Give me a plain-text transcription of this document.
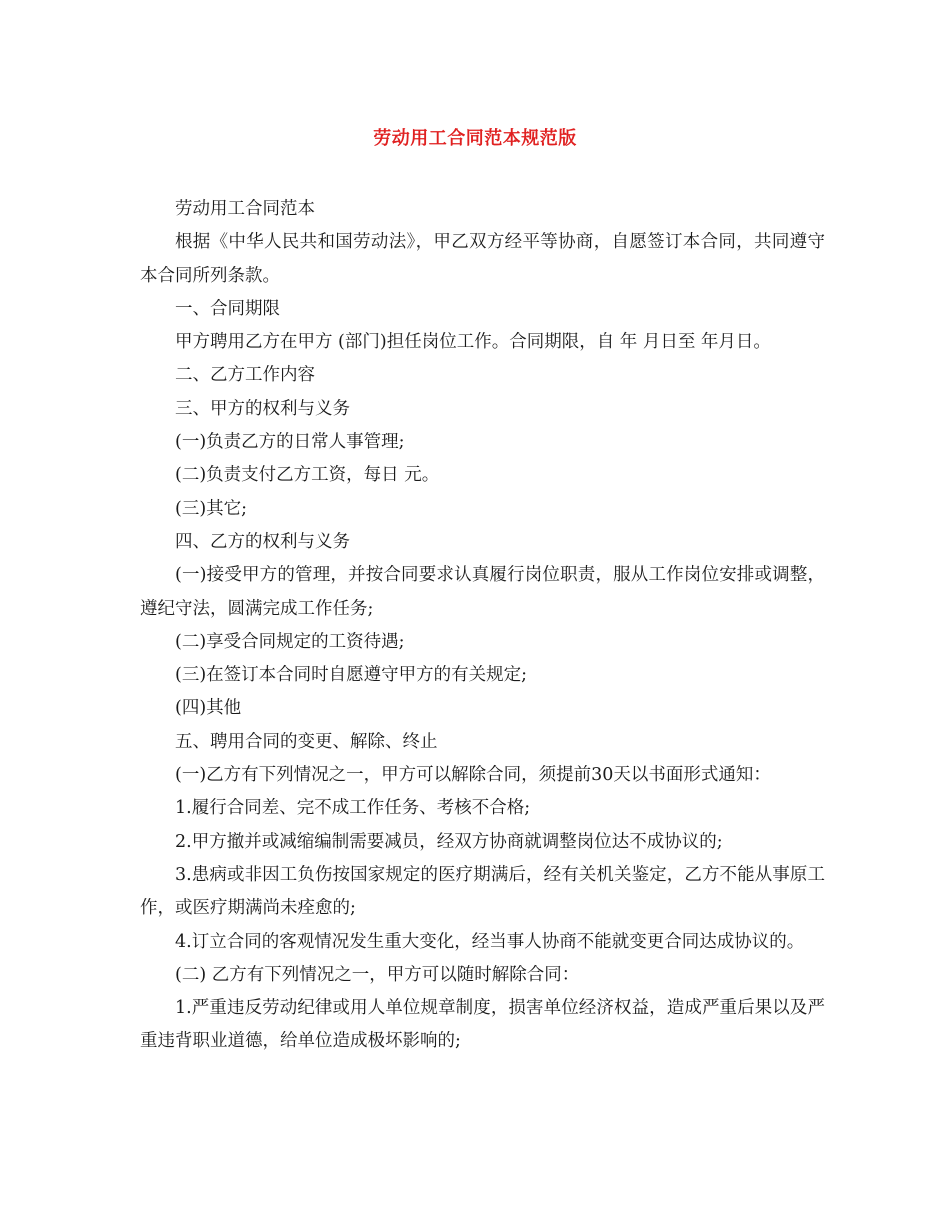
劳动用工合同范本规范版

劳动用工合同范本

根据《中华人民共和国劳动法》，甲乙双方经平等协商，自愿签订本合同，共同遵守本合同所列条款。

一、合同期限

甲方聘用乙方在甲方 (部门)担任岗位工作。合同期限，自 年 月日至 年月日。

二、乙方工作内容

三、甲方的权利与义务

(一)负责乙方的日常人事管理;

(二)负责支付乙方工资，每日 元。

(三)其它;

四、乙方的权利与义务

(一)接受甲方的管理，并按合同要求认真履行岗位职责，服从工作岗位安排或调整，遵纪守法，圆满完成工作任务;

(二)享受合同规定的工资待遇;

(三)在签订本合同时自愿遵守甲方的有关规定;

(四)其他

五、聘用合同的变更、解除、终止

(一)乙方有下列情况之一，甲方可以解除合同，须提前30天以书面形式通知：

1.履行合同差、完不成工作任务、考核不合格;

2.甲方撤并或减缩编制需要减员，经双方协商就调整岗位达不成协议的;

3.患病或非因工负伤按国家规定的医疗期满后，经有关机关鉴定，乙方不能从事原工作，或医疗期满尚未痊愈的;

4.订立合同的客观情况发生重大变化，经当事人协商不能就变更合同达成协议的。

(二) 乙方有下列情况之一，甲方可以随时解除合同：

1.严重违反劳动纪律或用人单位规章制度，损害单位经济权益，造成严重后果以及严重违背职业道德，给单位造成极坏影响的;
